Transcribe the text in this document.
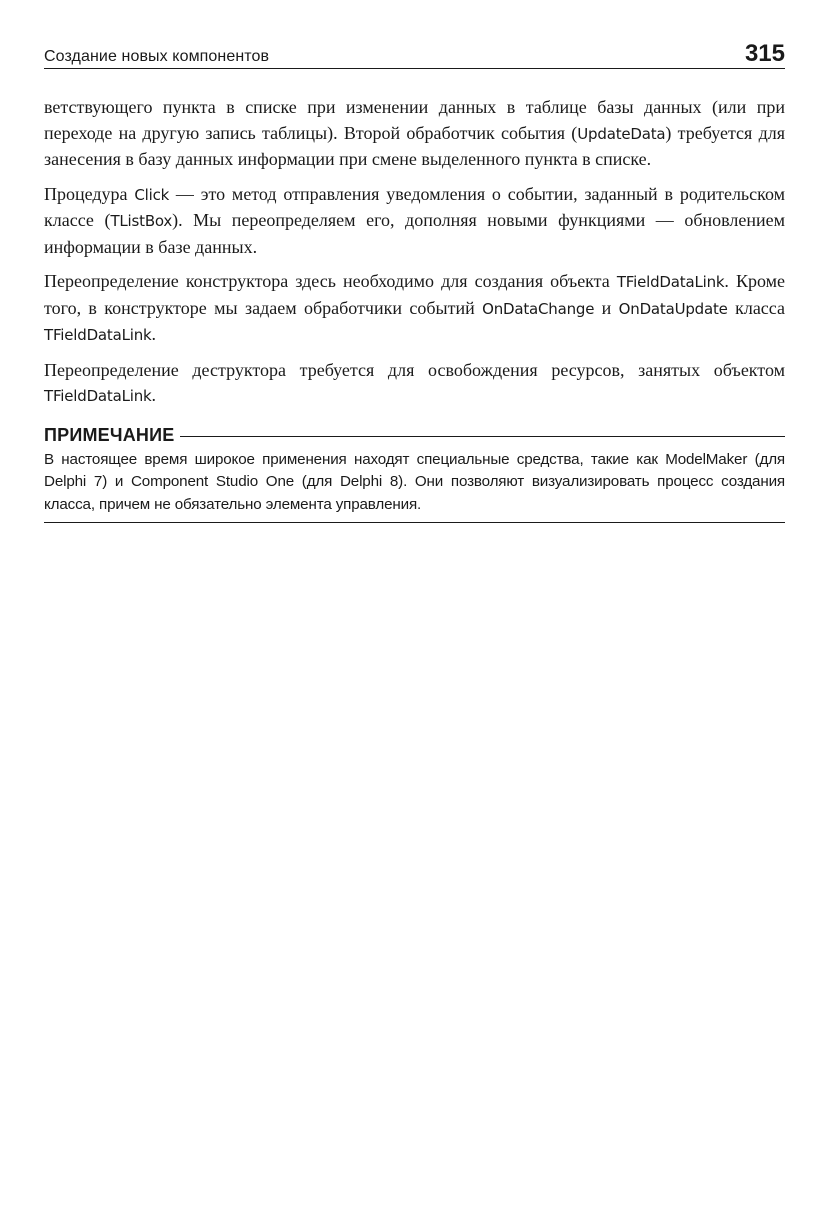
Создание новых компонентов	315

ветствующего пункта в списке при изменении данных в таблице базы данных (или при переходе на другую запись таблицы). Второй обработчик события (UpdateData) требуется для занесения в базу данных информации при смене выделенного пункта в списке.

Процедура Click — это метод отправления уведомления о событии, заданный в родительском классе (TListBox). Мы переопределяем его, дополняя новыми функциями — обновлением информации в базе данных.

Переопределение конструктора здесь необходимо для создания объекта TFieldDataLink. Кроме того, в конструкторе мы задаем обработчики событий OnDataChange и OnDataUpdate класса TFieldDataLink.

Переопределение деструктора требуется для освобождения ресурсов, занятых объектом TFieldDataLink.

ПРИМЕЧАНИЕ

В настоящее время широкое применения находят специальные средства, такие как ModelMaker (для Delphi 7) и Component Studio One (для Delphi 8). Они позволяют визуализировать процесс создания класса, причем не обязательно элемента управления.
